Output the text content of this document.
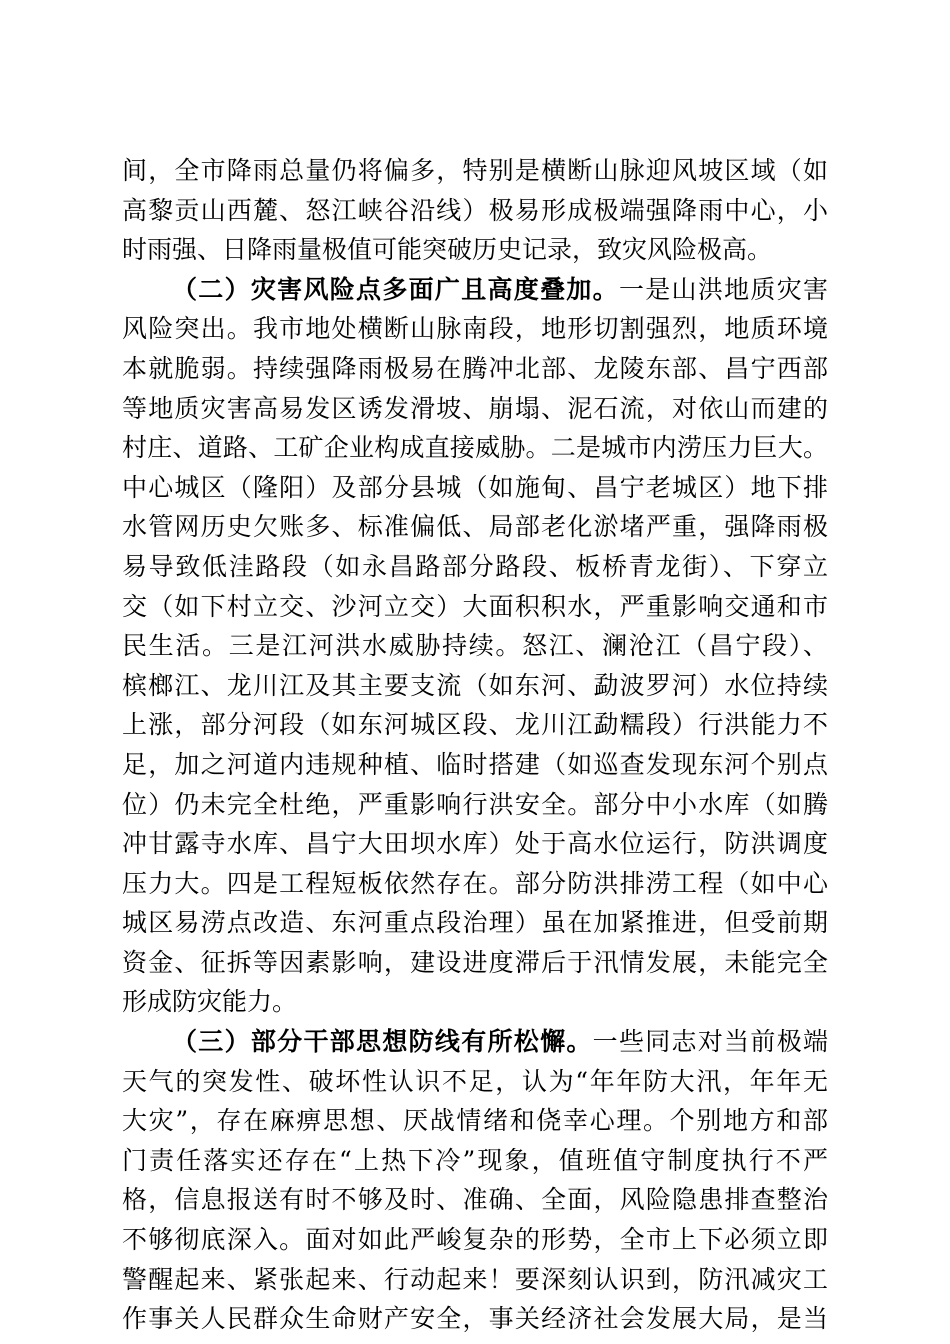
间，全市降雨总量仍将偏多，特别是横断山脉迎风坡区域（如
高黎贡山西麓、怒江峡谷沿线）极易形成极端强降雨中心，小
时雨强、日降雨量极值可能突破历史记录，致灾风险极高。
（二）灾害风险点多面广且高度叠加。一是山洪地质灾害
风险突出。我市地处横断山脉南段，地形切割强烈，地质环境
本就脆弱。持续强降雨极易在腾冲北部、龙陵东部、昌宁西部
等地质灾害高易发区诱发滑坡、崩塌、泥石流，对依山而建的
村庄、道路、工矿企业构成直接威胁。二是城市内涝压力巨大。
中心城区（隆阳）及部分县城（如施甸、昌宁老城区）地下排
水管网历史欠账多、标准偏低、局部老化淤堵严重，强降雨极
易导致低洼路段（如永昌路部分路段、板桥青龙街）、下穿立
交（如下村立交、沙河立交）大面积积水，严重影响交通和市
民生活。三是江河洪水威胁持续。怒江、澜沧江（昌宁段）、
槟榔江、龙川江及其主要支流（如东河、勐波罗河）水位持续
上涨，部分河段（如东河城区段、龙川江勐糯段）行洪能力不
足，加之河道内违规种植、临时搭建（如巡查发现东河个别点
位）仍未完全杜绝，严重影响行洪安全。部分中小水库（如腾
冲甘露寺水库、昌宁大田坝水库）处于高水位运行，防洪调度
压力大。四是工程短板依然存在。部分防洪排涝工程（如中心
城区易涝点改造、东河重点段治理）虽在加紧推进，但受前期
资金、征拆等因素影响，建设进度滞后于汛情发展，未能完全
形成防灾能力。
（三）部分干部思想防线有所松懈。一些同志对当前极端
天气的突发性、破坏性认识不足，认为“年年防大汛，年年无
大灾”，存在麻痹思想、厌战情绪和侥幸心理。个别地方和部
门责任落实还存在“上热下冷”现象，值班值守制度执行不严
格，信息报送有时不够及时、准确、全面，风险隐患排查整治
不够彻底深入。面对如此严峻复杂的形势，全市上下必须立即
警醒起来、紧张起来、行动起来！要深刻认识到，防汛减灾工
作事关人民群众生命财产安全，事关经济社会发展大局，是当
